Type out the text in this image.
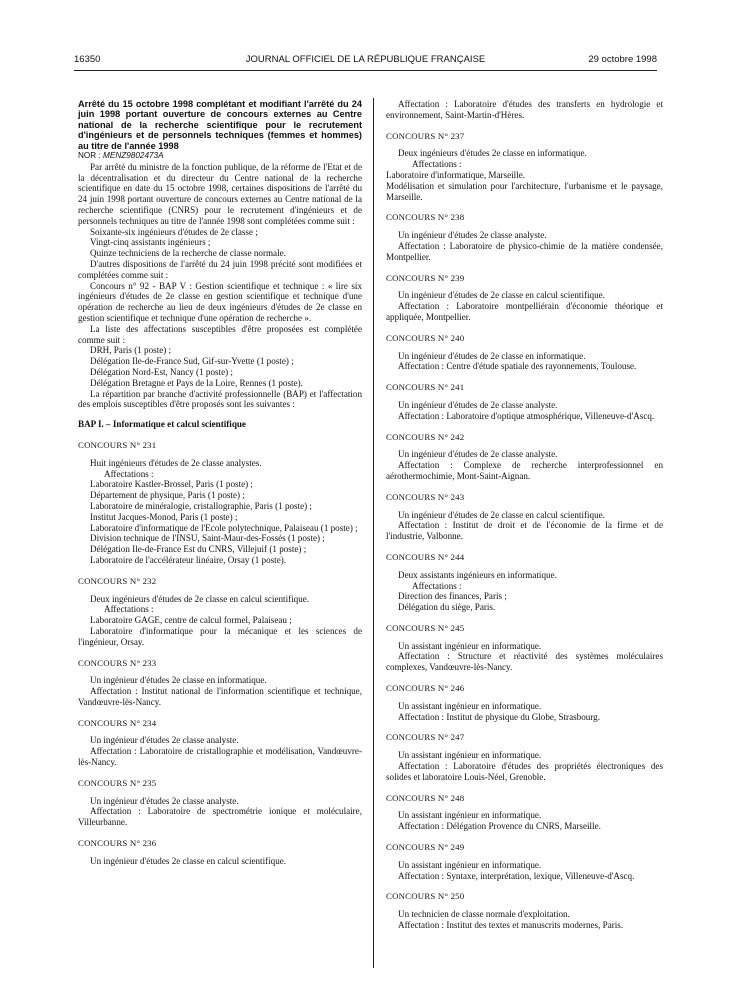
16350	JOURNAL OFFICIEL DE LA RÉPUBLIQUE FRANÇAISE	29 octobre 1998

Arrêté du 15 octobre 1998 complétant et modifiant l'arrêté du 24 juin 1998 portant ouverture de concours externes au Centre national de la recherche scientifique pour le recrutement d'ingénieurs et de personnels techniques (femmes et hommes) au titre de l'année 1998

NOR : MENZ9802473A

Par arrêté du ministre de la fonction publique, de la réforme de l'Etat et de la décentralisation et du directeur du Centre national de la recherche scientifique en date du 15 octobre 1998, certaines dispositions de l'arrêté du 24 juin 1998 portant ouverture de concours externes au Centre national de la recherche scientifique (CNRS) pour le recrutement d'ingénieurs et de personnels techniques au titre de l'année 1998 sont complétées comme suit :

Soixante-six ingénieurs d'études de 2e classe ;

Vingt-cinq assistants ingénieurs ;

Quinze techniciens de la recherche de classe normale.

D'autres dispositions de l'arrêté du 24 juin 1998 précité sont modifiées et complétées comme suit :

Concours n° 92 - BAP V : Gestion scientifique et technique : « lire six ingénieurs d'études de 2e classe en gestion scientifique et technique d'une opération de recherche au lieu de deux ingénieurs d'études de 2e classe en gestion scientifique et technique d'une opération de recherche ».

La liste des affectations susceptibles d'être proposées est complétée comme suit :

DRH, Paris (1 poste) ;

Délégation Ile-de-France Sud, Gif-sur-Yvette (1 poste) ;

Délégation Nord-Est, Nancy (1 poste) ;

Délégation Bretagne et Pays de la Loire, Rennes (1 poste).

La répartition par branche d'activité professionnelle (BAP) et l'affectation des emplois susceptibles d'être proposés sont les suivantes :

BAP I. – Informatique et calcul scientifique

CONCOURS N° 231

Huit ingénieurs d'études de 2e classe analystes.

Affectations :

Laboratoire Kastler-Brossel, Paris (1 poste) ;

Département de physique, Paris (1 poste) ;

Laboratoire de minéralogie, cristallographie, Paris (1 poste) ;

Institut Jacques-Monod, Paris (1 poste) ;

Laboratoire d'informatique de l'Ecole polytechnique, Palaiseau (1 poste) ;

Division technique de l'INSU, Saint-Maur-des-Fossés (1 poste) ;

Délégation Ile-de-France Est du CNRS, Villejuif (1 poste) ;

Laboratoire de l'accélérateur linéaire, Orsay (1 poste).

CONCOURS N° 232

Deux ingénieurs d'études de 2e classe en calcul scientifique.

Affectations :

Laboratoire GAGE, centre de calcul formel, Palaiseau ;

Laboratoire d'informatique pour la mécanique et les sciences de l'ingénieur, Orsay.

CONCOURS N° 233

Un ingénieur d'études 2e classe en informatique.

Affectation : Institut national de l'information scientifique et technique, Vandœuvre-lès-Nancy.

CONCOURS N° 234

Un ingénieur d'études 2e classe analyste.

Affectation : Laboratoire de cristallographie et modélisation, Vandœuvre-lès-Nancy.

CONCOURS N° 235

Un ingénieur d'études 2e classe analyste.

Affectation : Laboratoire de spectrométrie ionique et moléculaire, Villeurbanne.

CONCOURS N° 236

Un ingénieur d'études 2e classe en calcul scientifique.

Affectation : Laboratoire d'études des transferts en hydrologie et environnement, Saint-Martin-d'Hères.

CONCOURS N° 237

Deux ingénieurs d'études 2e classe en informatique.

Affectations :

Laboratoire d'informatique, Marseille.

Modélisation et simulation pour l'architecture, l'urbanisme et le paysage, Marseille.

CONCOURS N° 238

Un ingénieur d'études 2e classe analyste.

Affectation : Laboratoire de physico-chimie de la matière condensée, Montpellier.

CONCOURS N° 239

Un ingénieur d'études de 2e classe en calcul scientifique.

Affectation : Laboratoire montpelliérain d'économie théorique et appliquée, Montpellier.

CONCOURS N° 240

Un ingénieur d'études de 2e classe en informatique.

Affectation : Centre d'étude spatiale des rayonnements, Toulouse.

CONCOURS N° 241

Un ingénieur d'études de 2e classe analyste.

Affectation : Laboratoire d'optique atmosphérique, Villeneuve-d'Ascq.

CONCOURS N° 242

Un ingénieur d'études de 2e classe analyste.

Affectation : Complexe de recherche interprofessionnel en aérothermochimie, Mont-Saint-Aignan.

CONCOURS N° 243

Un ingénieur d'études de 2e classe en calcul scientifique.

Affectation : Institut de droit et de l'économie de la firme et de l'industrie, Valbonne.

CONCOURS N° 244

Deux assistants ingénieurs en informatique.

Affectations :

Direction des finances, Paris ;

Délégation du siège, Paris.

CONCOURS N° 245

Un assistant ingénieur en informatique.

Affectation : Structure et réactivité des systèmes moléculaires complexes, Vandœuvre-lès-Nancy.

CONCOURS N° 246

Un assistant ingénieur en informatique.

Affectation : Institut de physique du Globe, Strasbourg.

CONCOURS N° 247

Un assistant ingénieur en informatique.

Affectation : Laboratoire d'études des propriétés électroniques des solides et laboratoire Louis-Néel, Grenoble.

CONCOURS N° 248

Un assistant ingénieur en informatique.

Affectation : Délégation Provence du CNRS, Marseille.

CONCOURS N° 249

Un assistant ingénieur en informatique.

Affectation : Syntaxe, interprétation, lexique, Villeneuve-d'Ascq.

CONCOURS N° 250

Un technicien de classe normale d'exploitation.

Affectation : Institut des textes et manuscrits modernes, Paris.
